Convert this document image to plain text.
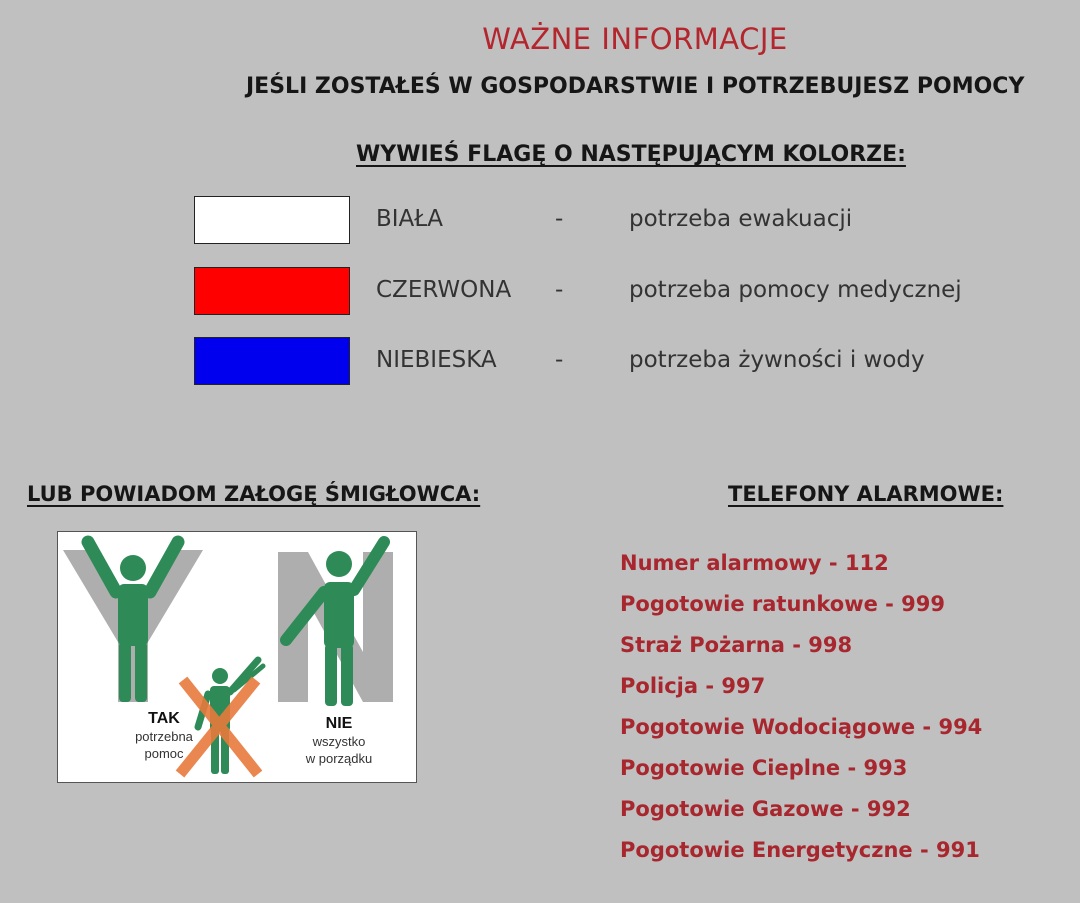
WAŻNE INFORMACJE
JEŚLI ZOSTAŁEŚ W GOSPODARSTWIE I POTRZEBUJESZ POMOCY
WYWIEŚ FLAGĘ O NASTĘPUJĄCYM KOLORZE:
BIAŁA	-	potrzeba ewakuacji
CZERWONA -	potrzeba pomocy medycznej
NIEBIESKA	-	potrzeba żywności i wody
LUB POWIADOM ZAŁOGĘ ŚMIGŁOWCA:	TELEFONY ALARMOWE:
TAK
potrzebna
pomoc
NIE
wszystko
w porządku
Numer alarmowy - 112
Pogotowie ratunkowe - 999
Straż Pożarna - 998
Policja - 997
Pogotowie Wodociągowe - 994
Pogotowie Cieplne - 993
Pogotowie Gazowe - 992
Pogotowie Energetyczne - 991
